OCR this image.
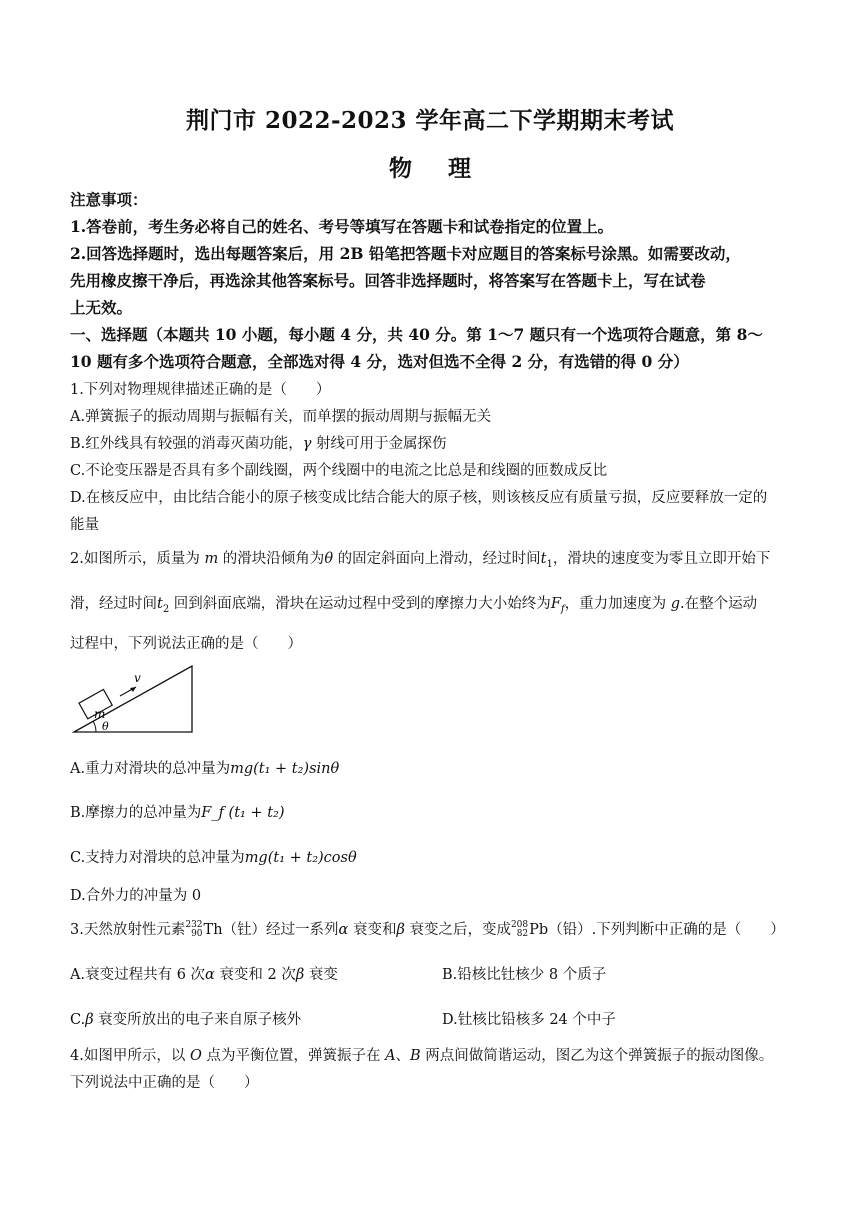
荆门市 2022-2023 学年高二下学期期末考试
物 理
注意事项：
1.答卷前，考生务必将自己的姓名、考号等填写在答题卡和试卷指定的位置上。
2.回答选择题时，选出每题答案后，用 2B 铅笔把答题卡对应题目的答案标号涂黑。如需要改动，
先用橡皮擦干净后，再选涂其他答案标号。回答非选择题时，将答案写在答题卡上，写在试卷
上无效。
一、选择题（本题共 10 小题，每小题 4 分，共 40 分。第 1～7 题只有一个选项符合题意，第 8～
10 题有多个选项符合题意，全部选对得 4 分，选对但选不全得 2 分，有选错的得 0 分）
1.下列对物理规律描述正确的是（　　）
A.弹簧振子的振动周期与振幅有关，而单摆的振动周期与振幅无关
B.红外线具有较强的消毒灭菌功能，γ 射线可用于金属探伤
C.不论变压器是否具有多个副线圈，两个线圈中的电流之比总是和线圈的匝数成反比
D.在核反应中，由比结合能小的原子核变成比结合能大的原子核，则该核反应有质量亏损，反应要释放一定的
能量
2.如图所示，质量为 m 的滑块沿倾角为θ 的固定斜面向上滑动，经过时间$t_1$，滑块的速度变为零且立即开始下
滑，经过时间$t_2$ 回到斜面底端，滑块在运动过程中受到的摩擦力大小始终为$F_f$，重力加速度为 g.在整个运动
过程中，下列说法正确的是（　　）
m
v
θ
A.重力对滑块的总冲量为mg(t₁ + t₂)sinθ
B.摩擦力的总冲量为F_f (t₁ + t₂)
C.支持力对滑块的总冲量为mg(t₁ + t₂)cosθ
D.合外力的冲量为 0
3.天然放射性元素 232
90 Th（钍）经过一系列α 衰变和β 衰变之后，变成 208
82 Pb（铅）.下列判断中正确的是（　　）
A.衰变过程共有 6 次α 衰变和 2 次β 衰变	B.铅核比钍核少 8 个质子
C.β 衰变所放出的电子来自原子核外	D.钍核比铅核多 24 个中子
4.如图甲所示，以 O 点为平衡位置，弹簧振子在 A、B 两点间做简谐运动，图乙为这个弹簧振子的振动图像。
下列说法中正确的是（　　）
